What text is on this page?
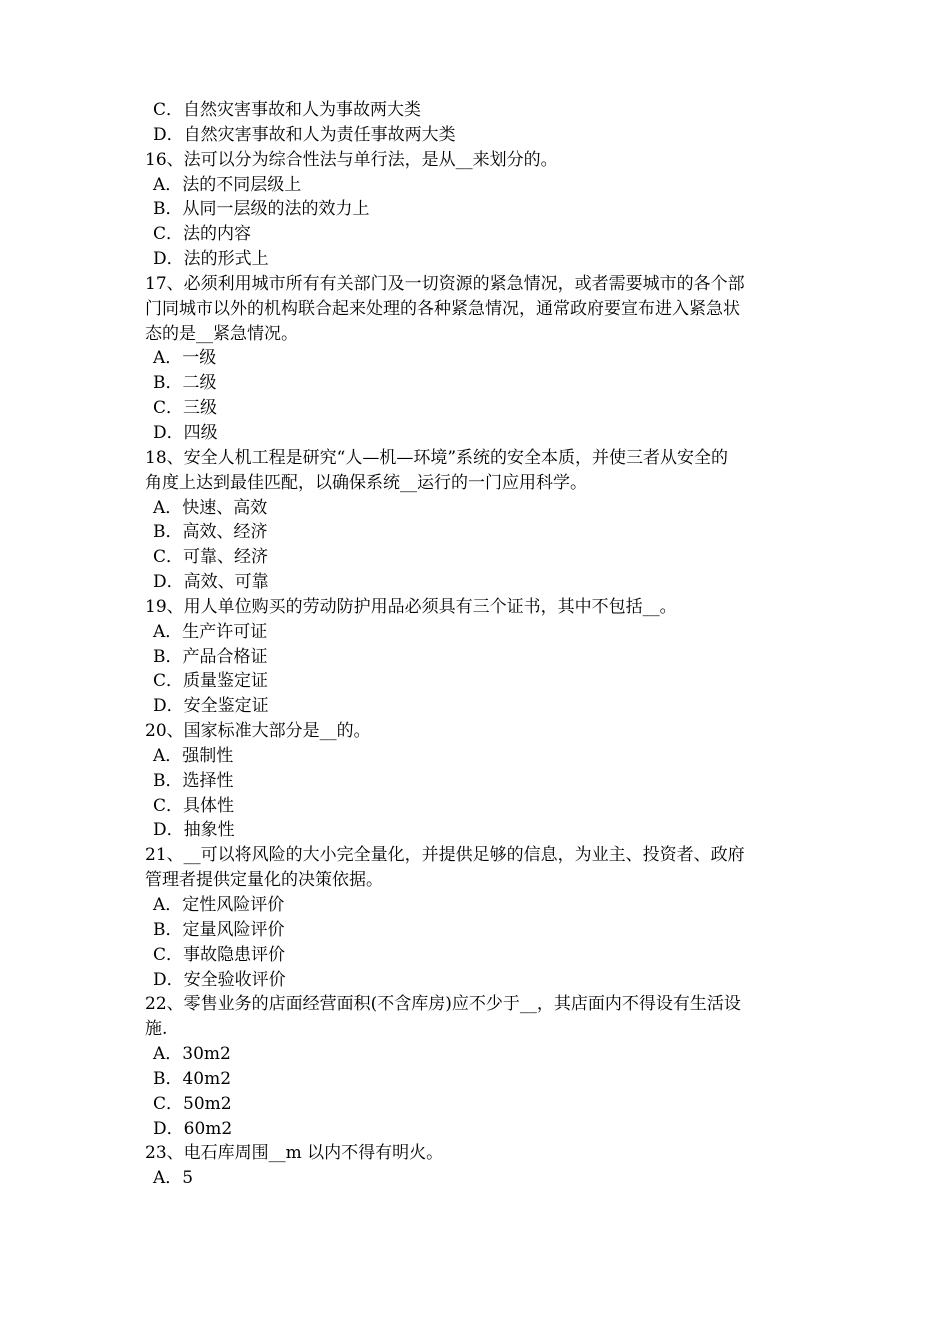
C．自然灾害事故和人为事故两大类
D．自然灾害事故和人为责任事故两大类
16、法可以分为综合性法与单行法，是从__来划分的。
A．法的不同层级上
B．从同一层级的法的效力上
C．法的内容
D．法的形式上
17、必须利用城市所有有关部门及一切资源的紧急情况，或者需要城市的各个部
门同城市以外的机构联合起来处理的各种紧急情况，通常政府要宣布进入紧急状
态的是__紧急情况。
A．一级
B．二级
C．三级
D．四级
18、安全人机工程是研究“人—机—环境”系统的安全本质，并使三者从安全的
角度上达到最佳匹配，以确保系统__运行的一门应用科学。
A．快速、高效
B．高效、经济
C．可靠、经济
D．高效、可靠
19、用人单位购买的劳动防护用品必须具有三个证书，其中不包括__。
A．生产许可证
B．产品合格证
C．质量鉴定证
D．安全鉴定证
20、国家标准大部分是__的。
A．强制性
B．选择性
C．具体性
D．抽象性
21、__可以将风险的大小完全量化，并提供足够的信息，为业主、投资者、政府
管理者提供定量化的决策依据。
A．定性风险评价
B．定量风险评价
C．事故隐患评价
D．安全验收评价
22、零售业务的店面经营面积(不含库房)应不少于__，其店面内不得设有生活设
施.
A．30m2
B．40m2
C．50m2
D．60m2
23、电石库周围__m 以内不得有明火。
A．5
